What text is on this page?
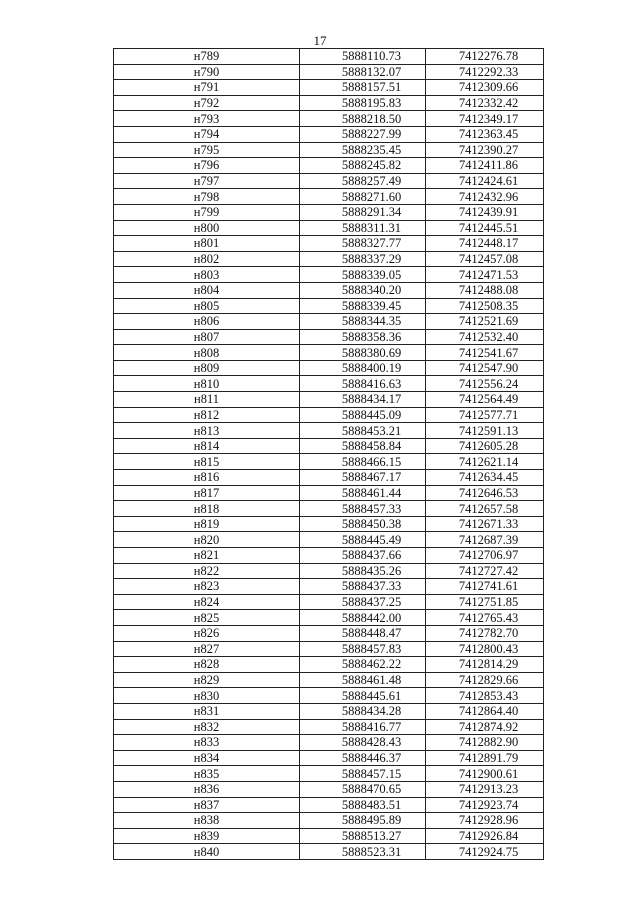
17
н789	5888110.73	7412276.78
н790	5888132.07	7412292.33
н791	5888157.51	7412309.66
н792	5888195.83	7412332.42
н793	5888218.50	7412349.17
н794	5888227.99	7412363.45
н795	5888235.45	7412390.27
н796	5888245.82	7412411.86
н797	5888257.49	7412424.61
н798	5888271.60	7412432.96
н799	5888291.34	7412439.91
н800	5888311.31	7412445.51
н801	5888327.77	7412448.17
н802	5888337.29	7412457.08
н803	5888339.05	7412471.53
н804	5888340.20	7412488.08
н805	5888339.45	7412508.35
н806	5888344.35	7412521.69
н807	5888358.36	7412532.40
н808	5888380.69	7412541.67
н809	5888400.19	7412547.90
н810	5888416.63	7412556.24
н811	5888434.17	7412564.49
н812	5888445.09	7412577.71
н813	5888453.21	7412591.13
н814	5888458.84	7412605.28
н815	5888466.15	7412621.14
н816	5888467.17	7412634.45
н817	5888461.44	7412646.53
н818	5888457.33	7412657.58
н819	5888450.38	7412671.33
н820	5888445.49	7412687.39
н821	5888437.66	7412706.97
н822	5888435.26	7412727.42
н823	5888437.33	7412741.61
н824	5888437.25	7412751.85
н825	5888442.00	7412765.43
н826	5888448.47	7412782.70
н827	5888457.83	7412800.43
н828	5888462.22	7412814.29
н829	5888461.48	7412829.66
н830	5888445.61	7412853.43
н831	5888434.28	7412864.40
н832	5888416.77	7412874.92
н833	5888428.43	7412882.90
н834	5888446.37	7412891.79
н835	5888457.15	7412900.61
н836	5888470.65	7412913.23
н837	5888483.51	7412923.74
н838	5888495.89	7412928.96
н839	5888513.27	7412926.84
н840	5888523.31	7412924.75
